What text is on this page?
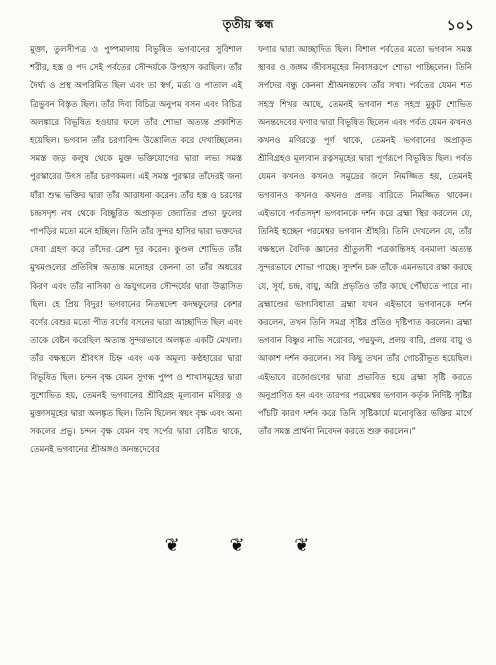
তৃতীয় স্কন্ধ	১০১

মুক্তা, তুলসীপত্র ও পুষ্পমালায় বিভূষিত ভগবানের সুবিশাল শরীর, হস্ত ও পদ সেই পর্বতের সৌন্দর্যকে উপহাস করছিল। তাঁর দৈর্ঘ্য ও প্রস্থ অপরিমিত ছিল এবং তা স্বর্গ, মর্ত্য ও পাতাল এই ত্রিভুবন বিস্তৃত ছিল। তাঁর দিব্য বিচিত্র অনুপম বসন এবং বিচিত্র অলঙ্কারে বিভূষিত হওয়ার ফলে তাঁর শোভা অত্যন্ত প্রকাশিত হয়েছিল। ভগবান তাঁর চরণাবিন্দ উত্তোলিত করে দেখাচ্ছিলেন। সমস্ত জড় কলুষ থেকে মুক্ত ভক্তিযোগের দ্বারা লভ্য সমস্ত পুরস্কারের উৎস তাঁর চরণকমল। এই সমস্ত পুরস্কার তাঁদেরই জন্য যাঁরা শুদ্ধ ভক্তির দ্বারা তাঁর আরাধনা করেন। তাঁর হস্ত ও চরণের চন্দ্রসদৃশ নখ থেকে বিচ্ছুরিত অপ্রাকৃত জ্যোতির প্রভা ফুলের পাপড়ির মতো মনে হচ্ছিল। তিনি তাঁর সুন্দর হাসির দ্বারা ভক্তদের সেবা গ্রহণ করে তাঁদের ক্লেশ দূর করেন। কুণ্ডল শোভিত তাঁর মুখমণ্ডলের প্রতিবিম্ব অত্যন্ত মনোহর কেননা তা তাঁর অধরের কিরণ এবং তাঁর নাসিকা ও ভ্রূযুগলের সৌন্দর্যের দ্বারা উদ্ভাসিত ছিল। হে প্রিয় বিদুর! ভগবানের নিতম্বদেশ কদম্বফুলের কেশর বর্ণের বেশুর মতো পীত বর্ণের বসনের দ্বারা আচ্ছাদিত ছিল এবং তাকে বেষ্টন করেছিল অত্যন্ত সুন্দরভাবে অলঙ্কৃত একটি মেখলা। তাঁর বক্ষস্থলে শ্রীবৎস চিহ্ন এবং এক অমূল্য কণ্ঠহারের দ্বারা বিভূষিত ছিল। চন্দন বৃক্ষ যেমন সুগন্ধ পুষ্প ও শাখাসমূহের দ্বারা সুশোভিত হয়, তেমনই ভগবানের শ্রীবিগ্রহ মূল্যবান মণিরত্ন ও মুক্তাসমূহের দ্বারা অলঙ্কৃত ছিল। তিনি ছিলেন স্বয়ং বৃক্ষ এবং অন্য সকলের প্রভু। চন্দন বৃক্ষ যেমন বহু সর্পের দ্বারা বেষ্টিত থাকে, তেমনই ভগবানের শ্রীঅঙ্গও অনন্তদেবের

ফণার দ্বারা আচ্ছাদিত ছিল। বিশাল পর্বতের মতো ভগবান সমস্ত স্থাবর ও জঙ্গম জীবসমূহের নিবাসরূপে শোভা পাচ্ছিলেন। তিনি সর্পদের বন্ধু কেননা শ্রীঅনন্তদেব তাঁর সখা। পর্বতের যেমন শত সহস্র শিখর আছে, তেমনই ভগবান শত সহস্র মুকুট শোভিত অনন্তদেবের ফণার দ্বারা বিভূষিত ছিলেন এবং পর্বত যেমন কখনও কখনও মণিরত্নে পূর্ণ থাকে, তেমনই ভগবানের অপ্রাকৃত শ্রীবিগ্রহও মূল্যবান রত্নসমূহের দ্বারা পূর্ণরূপে বিভূষিত ছিল। পর্বত যেমন কখনও কখনও সমুদ্রের জলে নিমজ্জিত হয়, তেমনই ভগবানও কখনও কখনও প্রলয় বারিতে নিমজ্জিত থাকেন। এইভাবে পর্বতসদৃশ ভগবানকে দর্শন করে ব্রহ্মা স্থির করলেন যে, তিনিই হচ্ছেন পরমেশ্বর ভগবান শ্রীহরি। তিনি দেখলেন যে, তাঁর বক্ষস্থলে বৈদিক জ্ঞানের শ্রীতুলসী পত্রকান্তিসহ বনমালা অত্যন্ত সুন্দরভাবে শোভা পাচ্ছে। সুদর্শন চক্র তাঁকে এমনভাবে রক্ষা করছে যে, সূর্য, চন্দ্র, বায়ু, অগ্নি প্রভৃতিও তাঁর কাছে পৌঁছাতে পারে না। ব্রহ্মাণ্ডের ভাগ্যবিধাতা ব্রহ্মা যখন এইভাবে ভগবানকে দর্শন করলেন, তখন তিনি সমগ্র সৃষ্টির প্রতিও দৃষ্টিপাত করলেন। ব্রহ্মা ভগবান বিষ্ণুর নাভি সরোবর, পদ্মফুল, প্রলয় বারি, প্রলয় বায়ু ও আকাশ দর্শন করলেন। সব কিছু তখন তাঁর গোচরীভূত হয়েছিল। এইভাবে রজোগুণের দ্বারা প্রভাবিত হয়ে ব্রহ্মা সৃষ্টি করতে অনুপ্রাণিত হন এবং তারপর পরমেশ্বর ভগবান কর্তৃক নির্দিষ্ট সৃষ্টির পাঁচটি কারণ দর্শন করে তিনি সৃষ্টিকার্যে মনোবৃত্তির ভক্তির মার্গে তাঁর সমস্ত প্রার্থনা নিবেদন করতে শুরু করলেন।”

❦ ❦ ❦
